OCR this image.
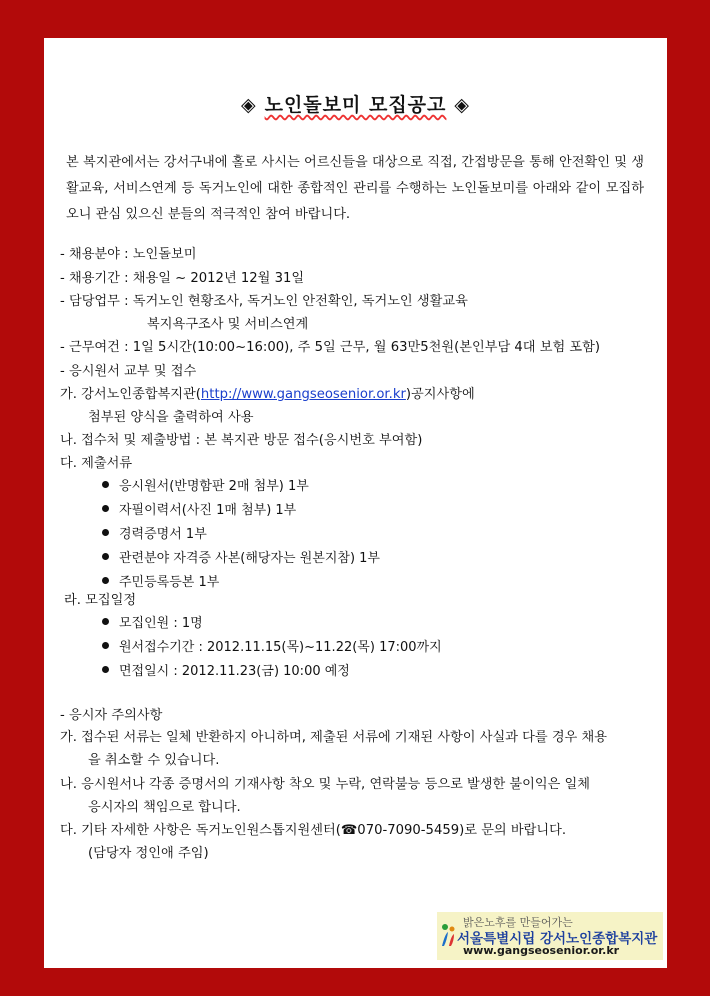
◈ 노인돌보미 모집공고 ◈
본 복지관에서는 강서구내에 홀로 사시는 어르신들을 대상으로 직접, 간접방문을 통해 안전확인 및 생활교육, 서비스연계 등 독거노인에 대한 종합적인 관리를 수행하는 노인돌보미를 아래와 같이 모집하오니 관심 있으신 분들의 적극적인 참여 바랍니다.
- 채용분야 : 노인돌보미
- 채용기간 : 채용일 ~ 2012년 12월 31일
- 담당업무 : 독거노인 현황조사, 독거노인 안전확인, 독거노인 생활교육
복지욕구조사 및 서비스연계
- 근무여건 : 1일 5시간(10:00~16:00), 주 5일 근무, 월 63만5천원(본인부담 4대 보험 포함)
- 응시원서 교부 및 접수
가. 강서노인종합복지관(http://www.gangseosenior.or.kr)공지사항에
첨부된 양식을 출력하여 사용
나. 접수처 및 제출방법 : 본 복지관 방문 접수(응시번호 부여함)
다. 제출서류
응시원서(반명함판 2매 첨부) 1부
자필이력서(사진 1매 첨부) 1부
경력증명서 1부
관련분야 자격증 사본(해당자는 원본지참) 1부
주민등록등본 1부
라. 모집일정
모집인원 : 1명
원서접수기간 : 2012.11.15(목)~11.22(목) 17:00까지
면접일시 : 2012.11.23(금) 10:00 예정
- 응시자 주의사항
가. 접수된 서류는 일체 반환하지 아니하며, 제출된 서류에 기재된 사항이 사실과 다를 경우 채용
을 취소할 수 있습니다.
나. 응시원서나 각종 증명서의 기재사항 착오 및 누락, 연락불능 등으로 발생한 불이익은 일체
응시자의 책임으로 합니다.
다. 기타 자세한 사항은 독거노인원스톱지원센터(☎070-7090-5459)로 문의 바랍니다.
(담당자 정인애 주임)
밝은노후를 만들어가는
서울특별시립 강서노인종합복지관
www.gangseosenior.or.kr
